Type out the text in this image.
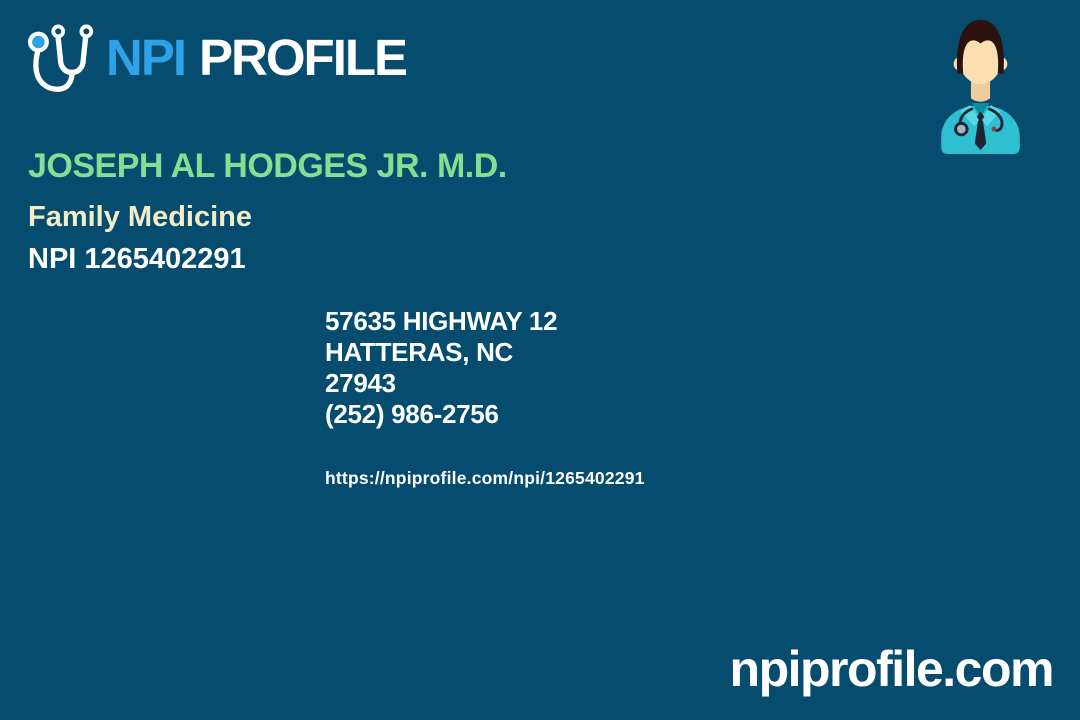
NPI PROFILE
JOSEPH AL HODGES JR. M.D.
Family Medicine
NPI 1265402291
57635 HIGHWAY 12
HATTERAS, NC
27943
(252) 986-2756
https://npiprofile.com/npi/1265402291
npiprofile.com
